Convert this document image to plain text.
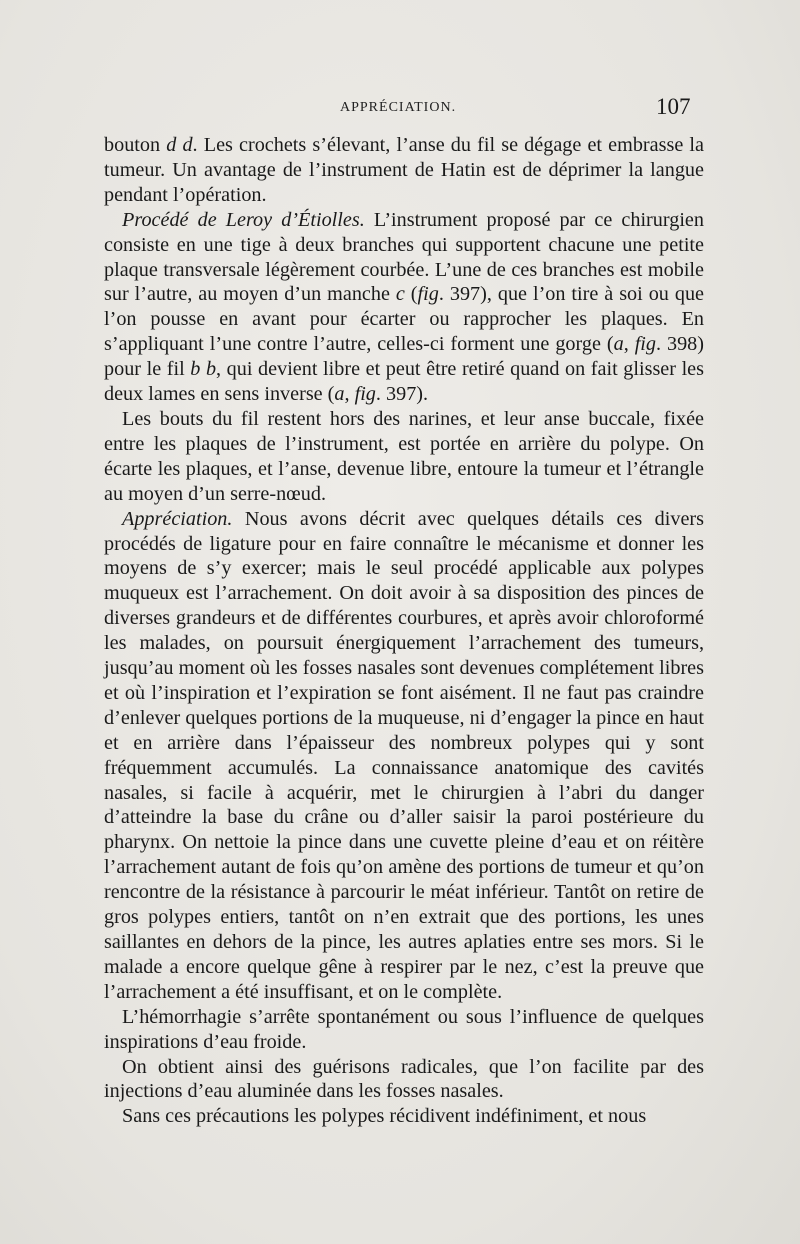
APPRÉCIATION.	107

bouton d d. Les crochets s’élevant, l’anse du fil se dégage et embrasse la tumeur. Un avantage de l’instrument de Hatin est de déprimer la langue pendant l’opération.

Procédé de Leroy d’Étiolles. L’instrument proposé par ce chirurgien consiste en une tige à deux branches qui supportent chacune une petite plaque transversale légèrement courbée. L’une de ces branches est mobile sur l’autre, au moyen d’un manche c (fig. 397), que l’on tire à soi ou que l’on pousse en avant pour écarter ou rapprocher les plaques. En s’appliquant l’une contre l’autre, celles-ci forment une gorge (a, fig. 398) pour le fil b b, qui devient libre et peut être retiré quand on fait glisser les deux lames en sens inverse (a, fig. 397).

Les bouts du fil restent hors des narines, et leur anse buccale, fixée entre les plaques de l’instrument, est portée en arrière du polype. On écarte les plaques, et l’anse, devenue libre, entoure la tumeur et l’étrangle au moyen d’un serre-nœud.

Appréciation. Nous avons décrit avec quelques détails ces divers procédés de ligature pour en faire connaître le mécanisme et donner les moyens de s’y exercer; mais le seul procédé applicable aux polypes muqueux est l’arrachement. On doit avoir à sa disposition des pinces de diverses grandeurs et de différentes courbures, et après avoir chloroformé les malades, on poursuit énergiquement l’arrachement des tumeurs, jusqu’au moment où les fosses nasales sont devenues complétement libres et où l’inspiration et l’expiration se font aisément. Il ne faut pas craindre d’enlever quelques portions de la muqueuse, ni d’engager la pince en haut et en arrière dans l’épaisseur des nombreux polypes qui y sont fréquemment accumulés. La connaissance anatomique des cavités nasales, si facile à acquérir, met le chirurgien à l’abri du danger d’atteindre la base du crâne ou d’aller saisir la paroi postérieure du pharynx. On nettoie la pince dans une cuvette pleine d’eau et on réitère l’arrachement autant de fois qu’on amène des portions de tumeur et qu’on rencontre de la résistance à parcourir le méat inférieur. Tantôt on retire de gros polypes entiers, tantôt on n’en extrait que des portions, les unes saillantes en dehors de la pince, les autres aplaties entre ses mors. Si le malade a encore quelque gêne à respirer par le nez, c’est la preuve que l’arrachement a été insuffisant, et on le complète.

L’hémorrhagie s’arrête spontanément ou sous l’influence de quelques inspirations d’eau froide.

On obtient ainsi des guérisons radicales, que l’on facilite par des injections d’eau aluminée dans les fosses nasales.

Sans ces précautions les polypes récidivent indéfiniment, et nous
